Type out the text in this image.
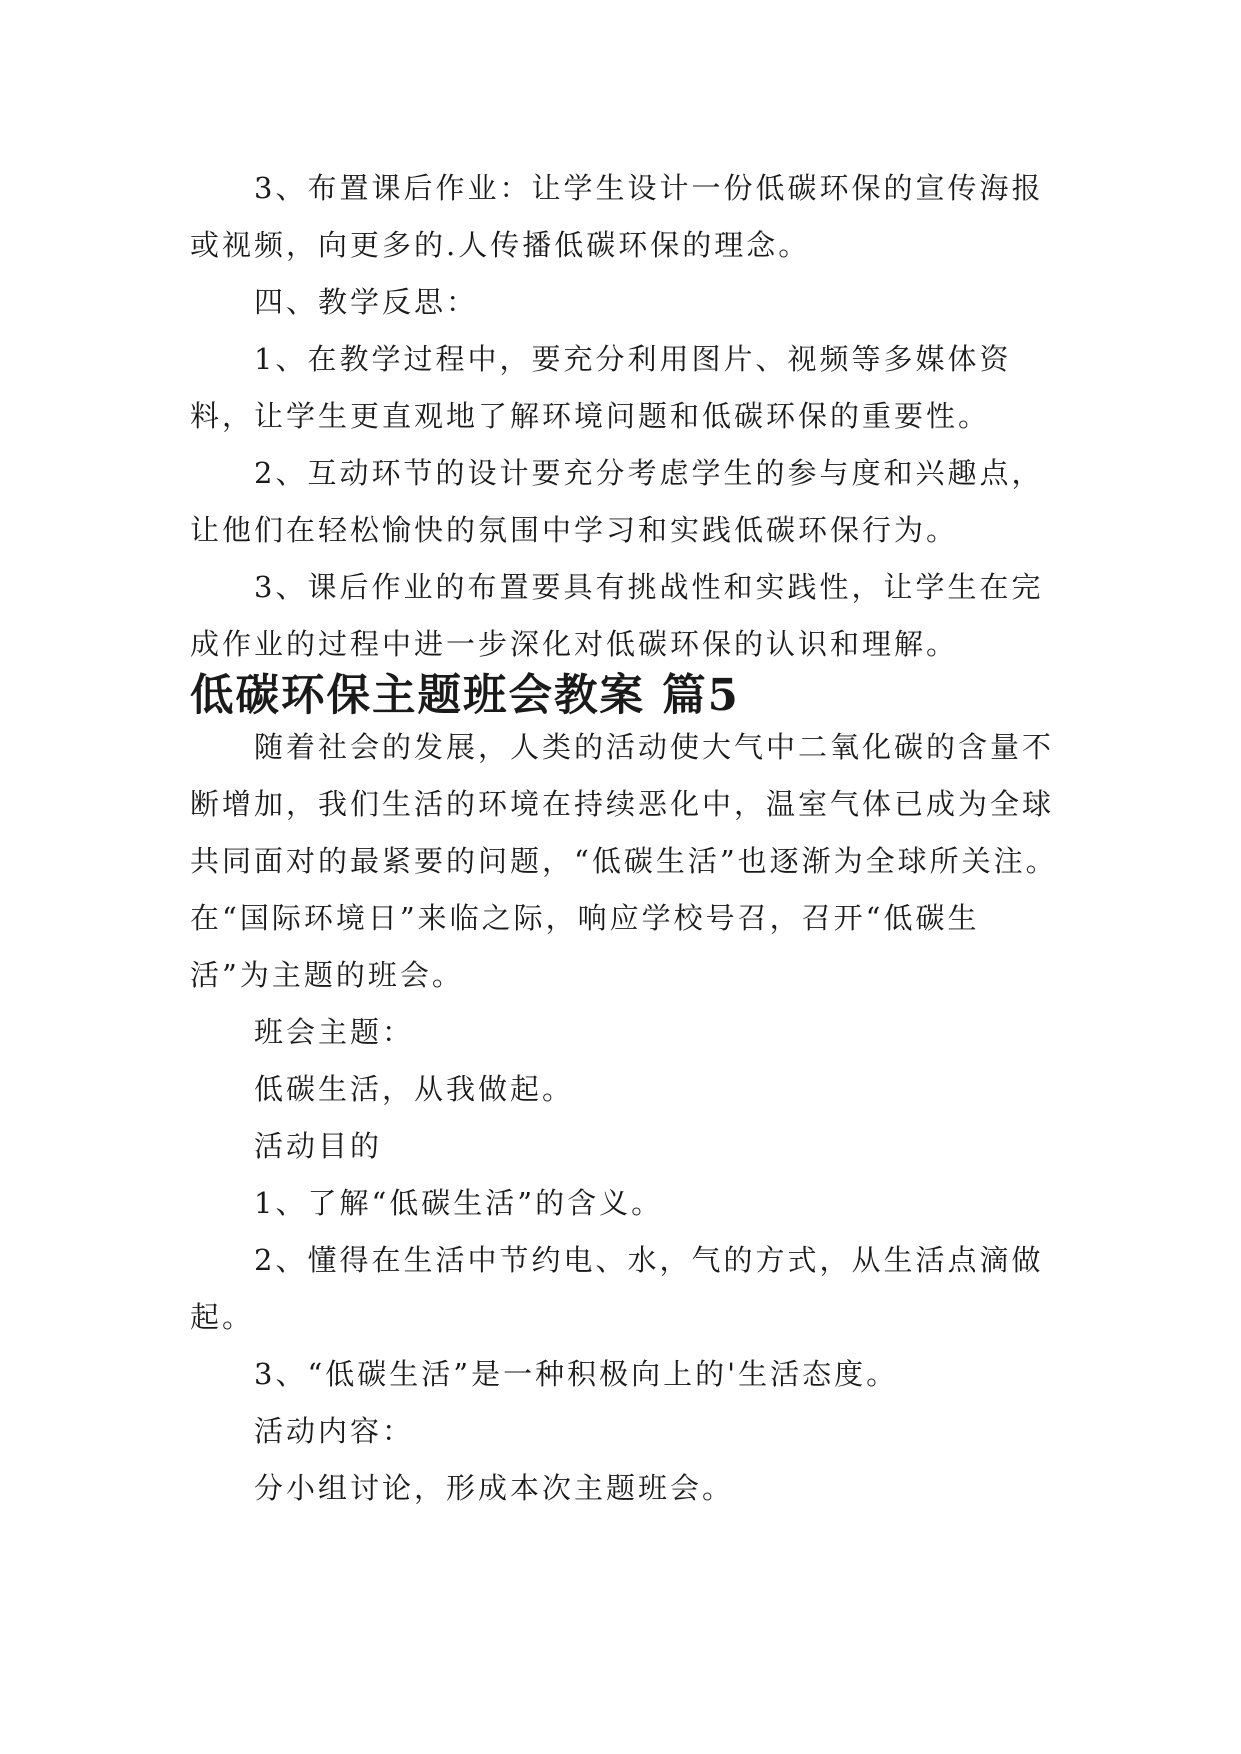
3、布置课后作业：让学生设计一份低碳环保的宣传海报或视频，向更多的.人传播低碳环保的理念。

四、教学反思：

1、在教学过程中，要充分利用图片、视频等多媒体资料，让学生更直观地了解环境问题和低碳环保的重要性。

2、互动环节的设计要充分考虑学生的参与度和兴趣点，让他们在轻松愉快的氛围中学习和实践低碳环保行为。

3、课后作业的布置要具有挑战性和实践性，让学生在完成作业的过程中进一步深化对低碳环保的认识和理解。

低碳环保主题班会教案 篇5

随着社会的发展，人类的活动使大气中二氧化碳的含量不断增加，我们生活的环境在持续恶化中，温室气体已成为全球共同面对的最紧要的问题，“低碳生活”也逐渐为全球所关注。在“国际环境日”来临之际，响应学校号召，召开“低碳生活”为主题的班会。

班会主题：

低碳生活，从我做起。

活动目的

1、了解“低碳生活”的含义。

2、懂得在生活中节约电、水，气的方式，从生活点滴做起。

3、“低碳生活”是一种积极向上的'生活态度。

活动内容：

分小组讨论，形成本次主题班会。
